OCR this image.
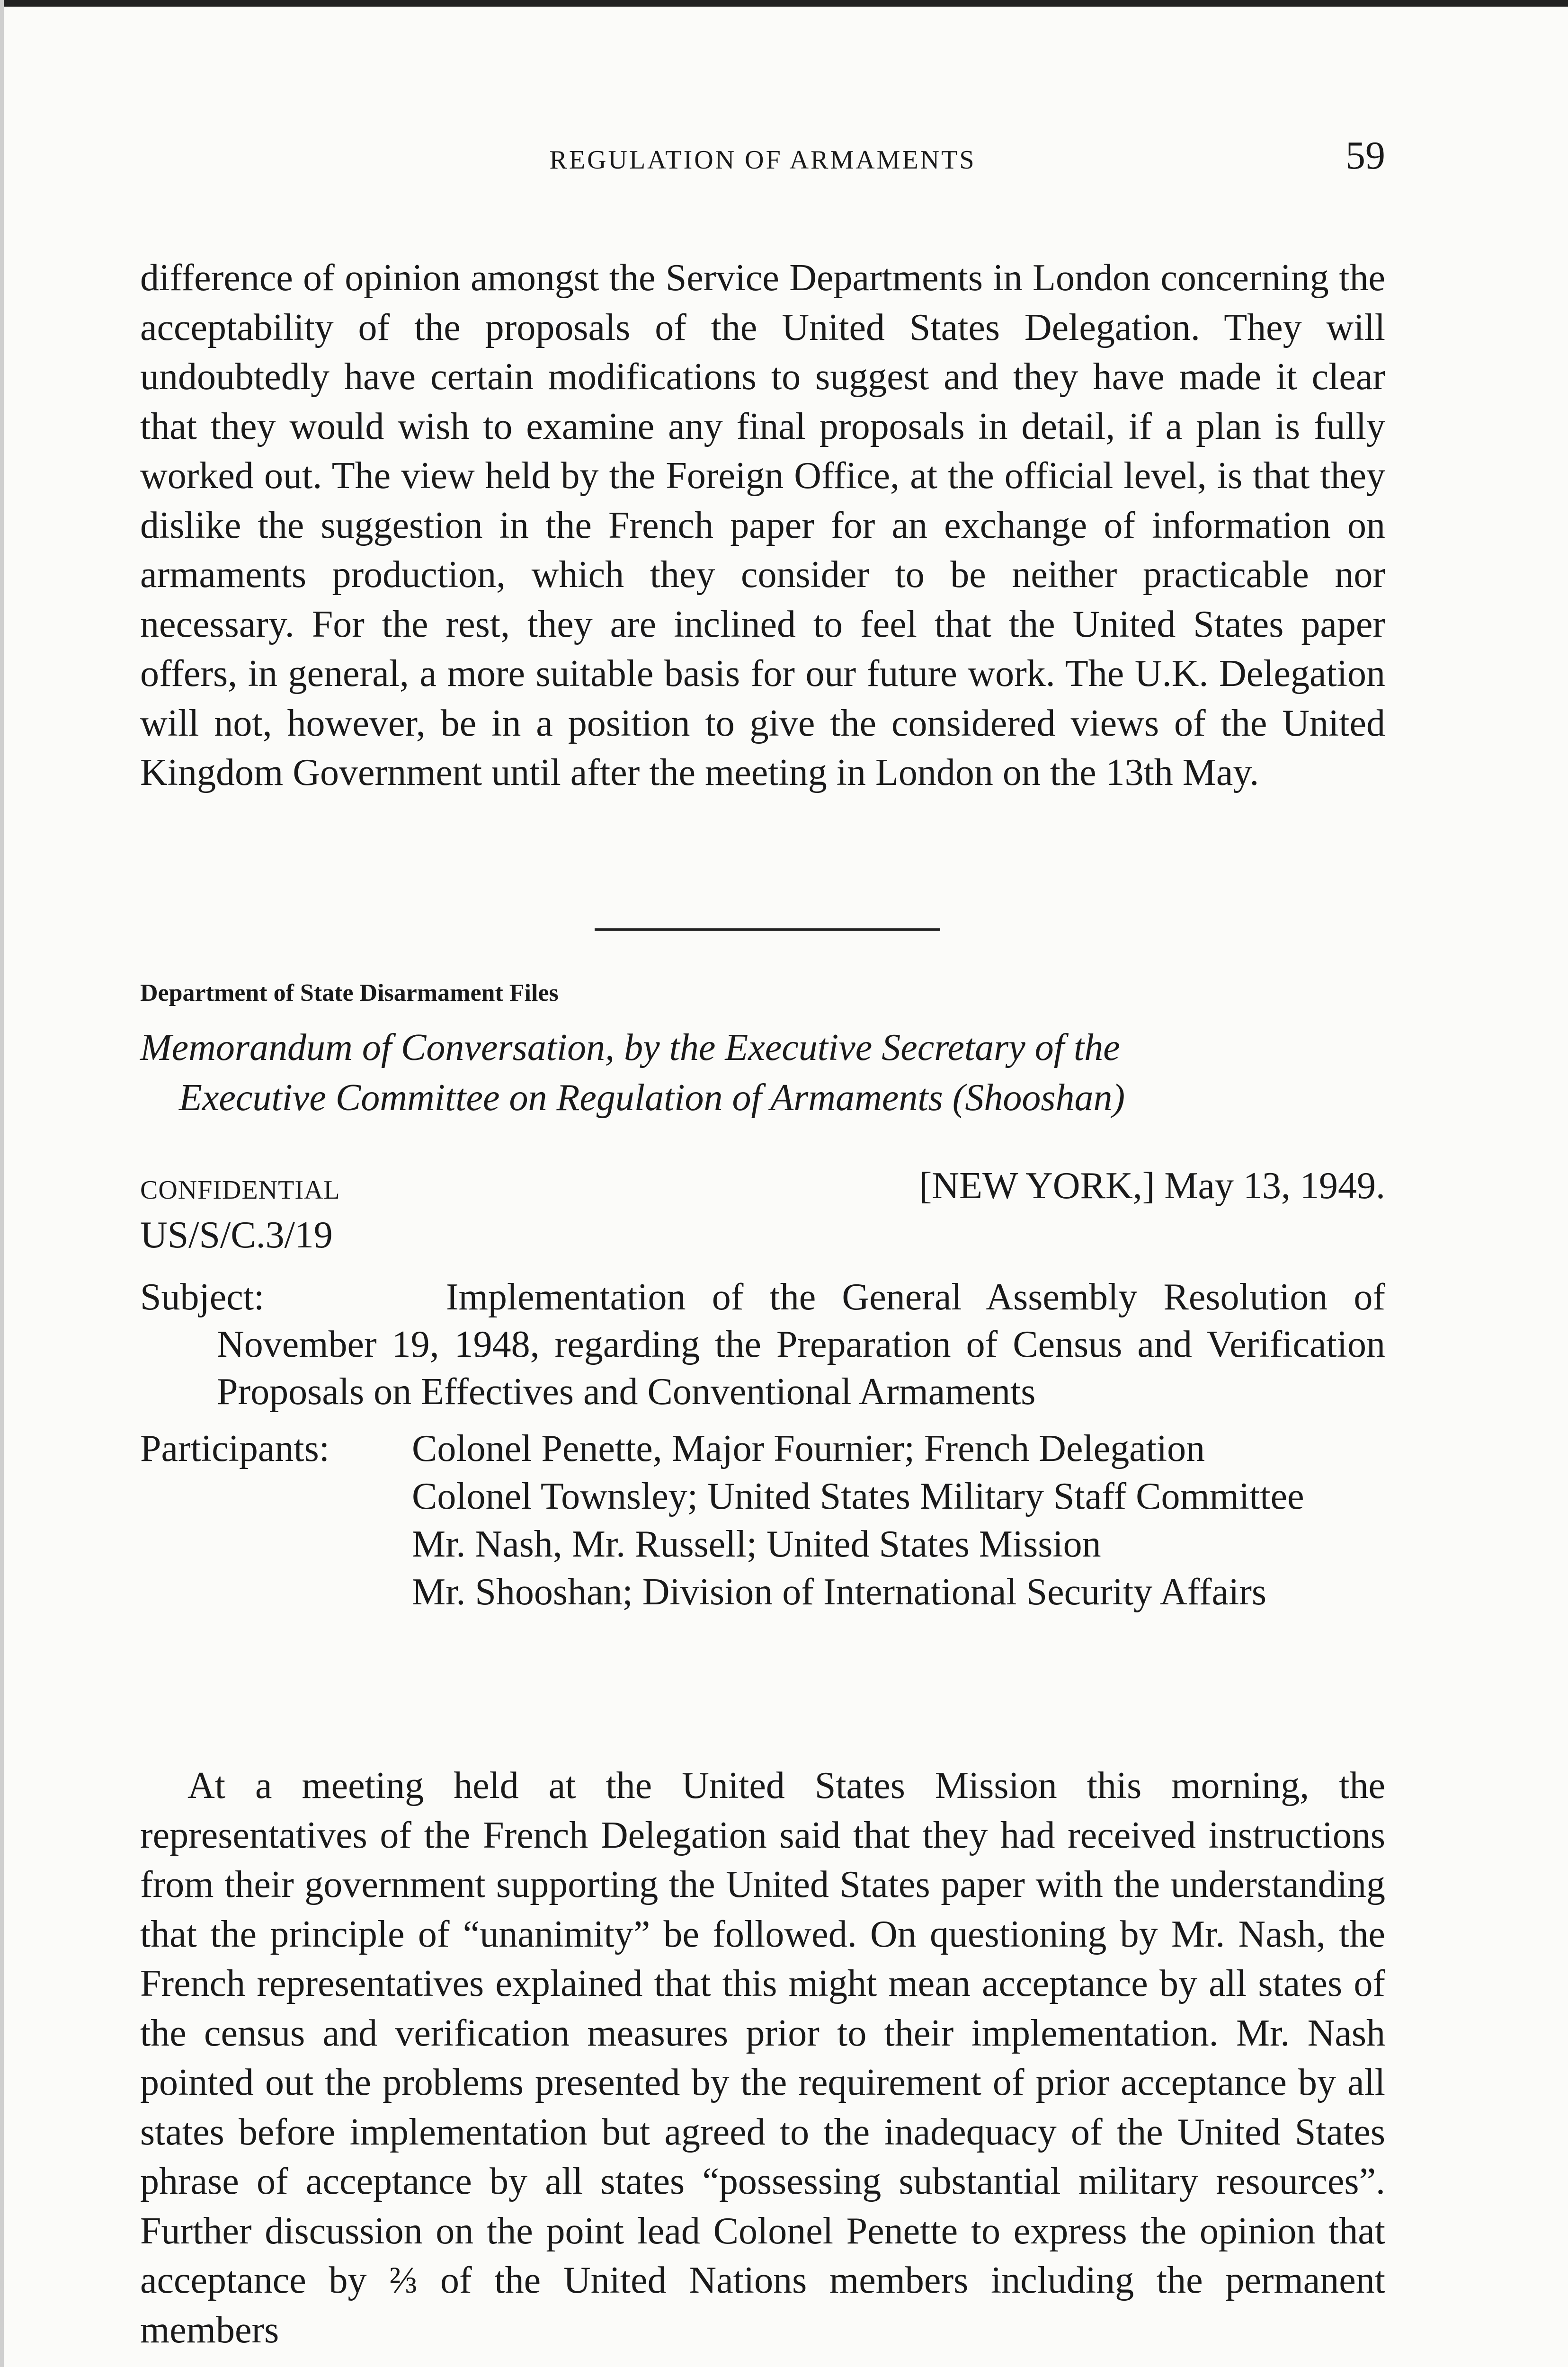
REGULATION OF ARMAMENTS	59

difference of opinion amongst the Service Departments in London concerning the acceptability of the proposals of the United States Delegation. They will undoubtedly have certain modifications to suggest and they have made it clear that they would wish to examine any final proposals in detail, if a plan is fully worked out. The view held by the Foreign Office, at the official level, is that they dislike the suggestion in the French paper for an exchange of information on armaments production, which they consider to be neither practicable nor necessary. For the rest, they are inclined to feel that the United States paper offers, in general, a more suitable basis for our future work. The U.K. Delegation will not, however, be in a position to give the considered views of the United Kingdom Government until after the meeting in London on the 13th May.

Department of State Disarmament Files
Memorandum of Conversation, by the Executive Secretary of the
Executive Committee on Regulation of Armaments (Shooshan)
CONFIDENTIAL	[NEW YORK,] May 13, 1949.
US/S/C.3/19
Subject:	Implementation of the General Assembly Resolution of November 19, 1948, regarding the Preparation of Census and Verification Proposals on Effectives and Conventional Armaments
Participants: Colonel Penette, Major Fournier; French Delegation
Colonel Townsley; United States Military Staff Committee
Mr. Nash, Mr. Russell; United States Mission
Mr. Shooshan; Division of International Security Affairs

At a meeting held at the United States Mission this morning, the representatives of the French Delegation said that they had received instructions from their government supporting the United States paper with the understanding that the principle of “unanimity” be followed. On questioning by Mr. Nash, the French representatives explained that this might mean acceptance by all states of the census and verification measures prior to their implementation. Mr. Nash pointed out the problems presented by the requirement of prior acceptance by all states before implementation but agreed to the inadequacy of the United States phrase of acceptance by all states “possessing substantial military resources”. Further discussion on the point lead Colonel Penette to express the opinion that acceptance by ⅔ of the United Nations members including the permanent members
